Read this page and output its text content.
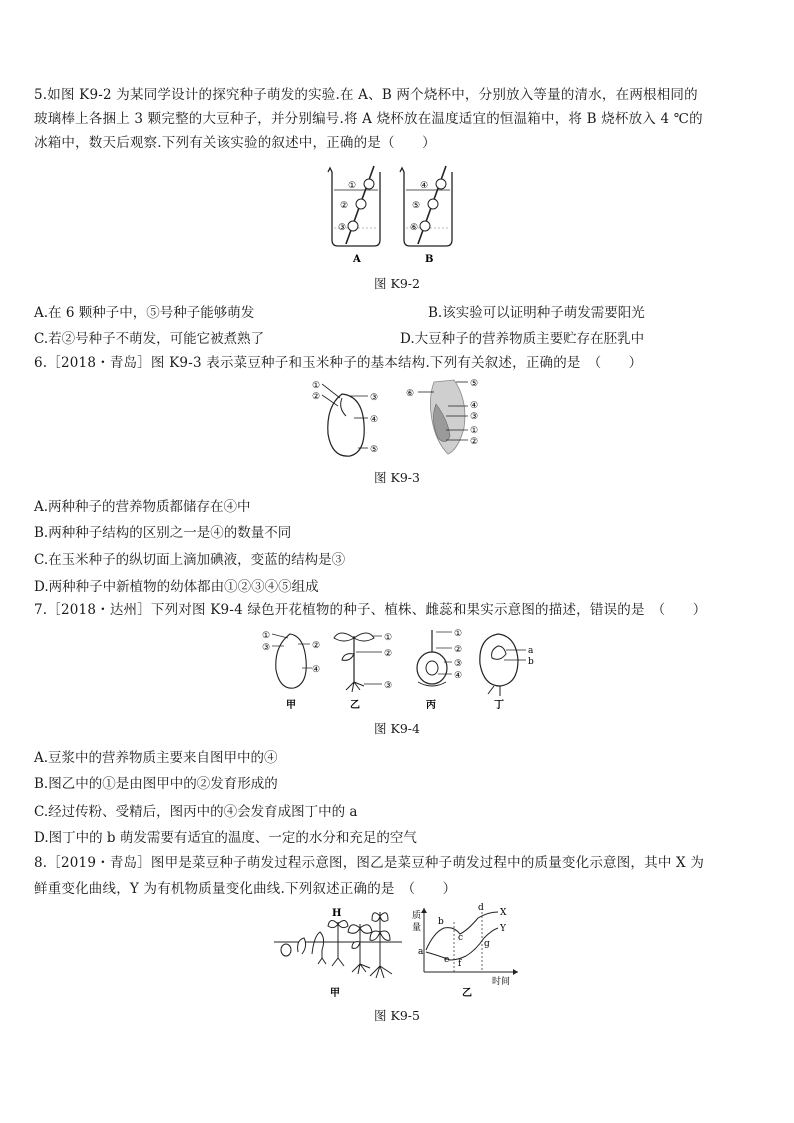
5.如图 K9-2 为某同学设计的探究种子萌发的实验.在 A、B 两个烧杯中，分别放入等量的清水，在两根相同的
玻璃棒上各捆上 3 颗完整的大豆种子，并分别编号.将 A 烧杯放在温度适宜的恒温箱中，将 B 烧杯放入 4 ℃的
冰箱中，数天后观察.下列有关该实验的叙述中，正确的是（　　）
①
②
③
A
④
⑤
⑥
B
图 K9-2
A.在 6 颗种子中，⑤号种子能够萌发	B.该实验可以证明种子萌发需要阳光
C.若②号种子不萌发，可能它被煮熟了	D.大豆种子的营养物质主要贮存在胚乳中
6.［2018・青岛］图 K9-3 表示菜豆种子和玉米种子的基本结构.下列有关叙述，正确的是　（　　）
①
②	③
④
⑤
⑥
⑤
④
③
①
②
图 K9-3
A.两种种子的营养物质都储存在④中
B.两种种子结构的区别之一是④的数量不同
C.在玉米种子的纵切面上滴加碘液，变蓝的结构是③
D.两种种子中新植物的幼体都由①②③④⑤组成
7.［2018・达州］下列对图 K9-4 绿色开花植物的种子、植株、雌蕊和果实示意图的描述，错误的是　（　　）
①
③	②
④
甲
①
②
③
乙
①
②
③
④
丙
a
b
丁
图 K9-4
A.豆浆中的营养物质主要来自图甲中的④
B.图乙中的①是由图甲中的②发育形成的
C.经过传粉、受精后，图丙中的④会发育成图丁中的 a
D.图丁中的 b 萌发需要有适宜的温度、一定的水分和充足的空气
8.［2019・青岛］图甲是菜豆种子萌发过程示意图，图乙是菜豆种子萌发过程中的质量变化示意图，其中 X 为
鲜重变化曲线，Y 为有机物质量变化曲线.下列叙述正确的是　（　　）
H
甲
质
量
时间
X
Y
a
b
c
d
e f
g
乙
图 K9-5
